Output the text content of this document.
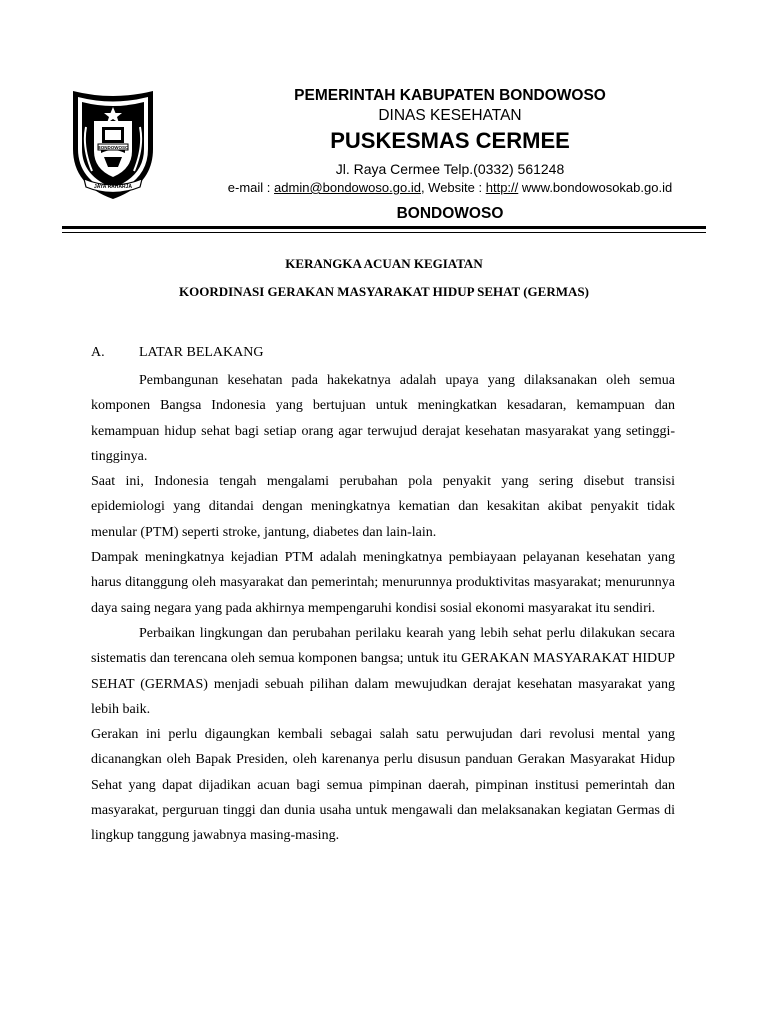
BONDOWOSO
JAYA RAHARJA
PEMERINTAH KABUPATEN BONDOWOSO
DINAS KESEHATAN
PUSKESMAS CERMEE
Jl. Raya Cermee Telp.(0332) 561248
e-mail : admin@bondowoso.go.id, Website : http:// www.bondowosokab.go.id
BONDOWOSO
KERANGKA ACUAN KEGIATAN
KOORDINASI GERAKAN MASYARAKAT HIDUP SEHAT (GERMAS)
A. LATAR BELAKANG

Pembangunan kesehatan pada hakekatnya adalah upaya yang dilaksanakan oleh semua komponen Bangsa Indonesia yang bertujuan untuk meningkatkan kesadaran, kemampuan dan kemampuan hidup sehat bagi setiap orang agar terwujud derajat kesehatan masyarakat yang setinggi-tingginya.

Saat ini, Indonesia tengah mengalami perubahan pola penyakit yang sering disebut transisi epidemiologi yang ditandai dengan meningkatnya kematian dan kesakitan akibat penyakit tidak menular (PTM) seperti stroke, jantung, diabetes dan lain-lain.

Dampak meningkatnya kejadian PTM adalah meningkatnya pembiayaan pelayanan kesehatan yang harus ditanggung oleh masyarakat dan pemerintah; menurunnya produktivitas masyarakat; menurunnya daya saing negara yang pada akhirnya mempengaruhi kondisi sosial ekonomi masyarakat itu sendiri.

Perbaikan lingkungan dan perubahan perilaku kearah yang lebih sehat perlu dilakukan secara sistematis dan terencana oleh semua komponen bangsa; untuk itu GERAKAN MASYARAKAT HIDUP SEHAT (GERMAS) menjadi sebuah pilihan dalam mewujudkan derajat kesehatan masyarakat yang lebih baik.

Gerakan ini perlu digaungkan kembali sebagai salah satu perwujudan dari revolusi mental yang dicanangkan oleh Bapak Presiden, oleh karenanya perlu disusun panduan Gerakan Masyarakat Hidup Sehat yang dapat dijadikan acuan bagi semua pimpinan daerah, pimpinan institusi pemerintah dan masyarakat, perguruan tinggi dan dunia usaha untuk mengawali dan melaksanakan kegiatan Germas di lingkup tanggung jawabnya masing-masing.
